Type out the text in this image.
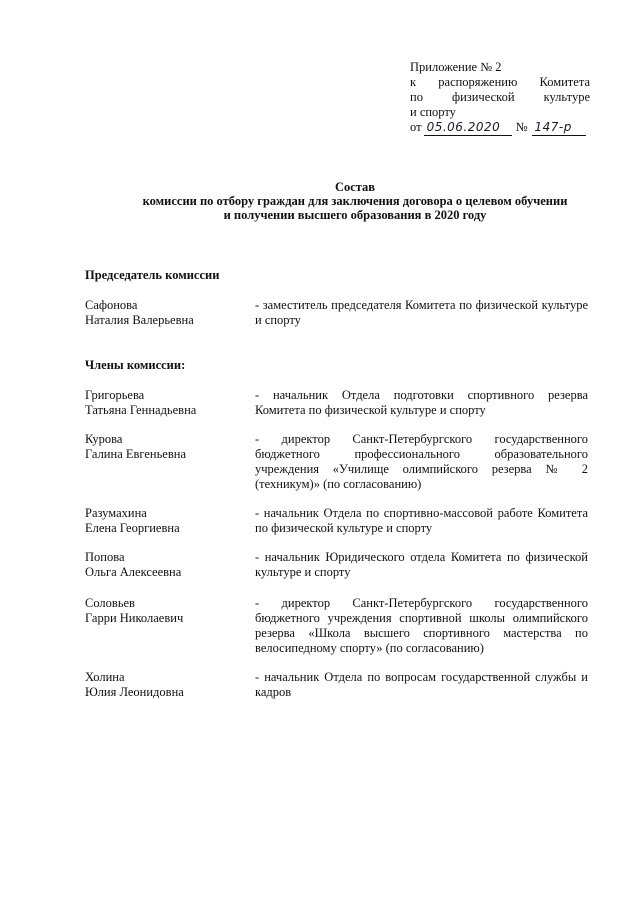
Приложение № 2
к распоряжению Комитета
по физической культуре
и спорту
от 05.06.2020	№ 147-р
Состав
комиссии по отбору граждан для заключения договора о целевом обучении
и получении высшего образования в 2020 году
Председатель комиссии
Сафонова
Наталия Валерьевна
- заместитель председателя Комитета по физической культуре и спорту
Члены комиссии:
Григорьева
Татьяна Геннадьевна
- начальник Отдела подготовки спортивного резерва Комитета по физической культуре и спорту
Курова
Галина Евгеньевна
- директор Санкт-Петербургского государственного бюджетного профессионального образовательного учреждения «Училище олимпийского резерва № 2 (техникум)» (по согласованию)
Разумахина
Елена Георгиевна
- начальник Отдела по спортивно-массовой работе Комитета по физической культуре и спорту
Попова
Ольга Алексеевна
- начальник Юридического отдела Комитета по физической культуре и спорту
Соловьев
Гарри Николаевич
- директор Санкт-Петербургского государственного бюджетного учреждения спортивной школы олимпийского резерва «Школа высшего спортивного мастерства по велосипедному спорту» (по согласованию)
Холина
Юлия Леонидовна
- начальник Отдела по вопросам государственной службы и кадров
